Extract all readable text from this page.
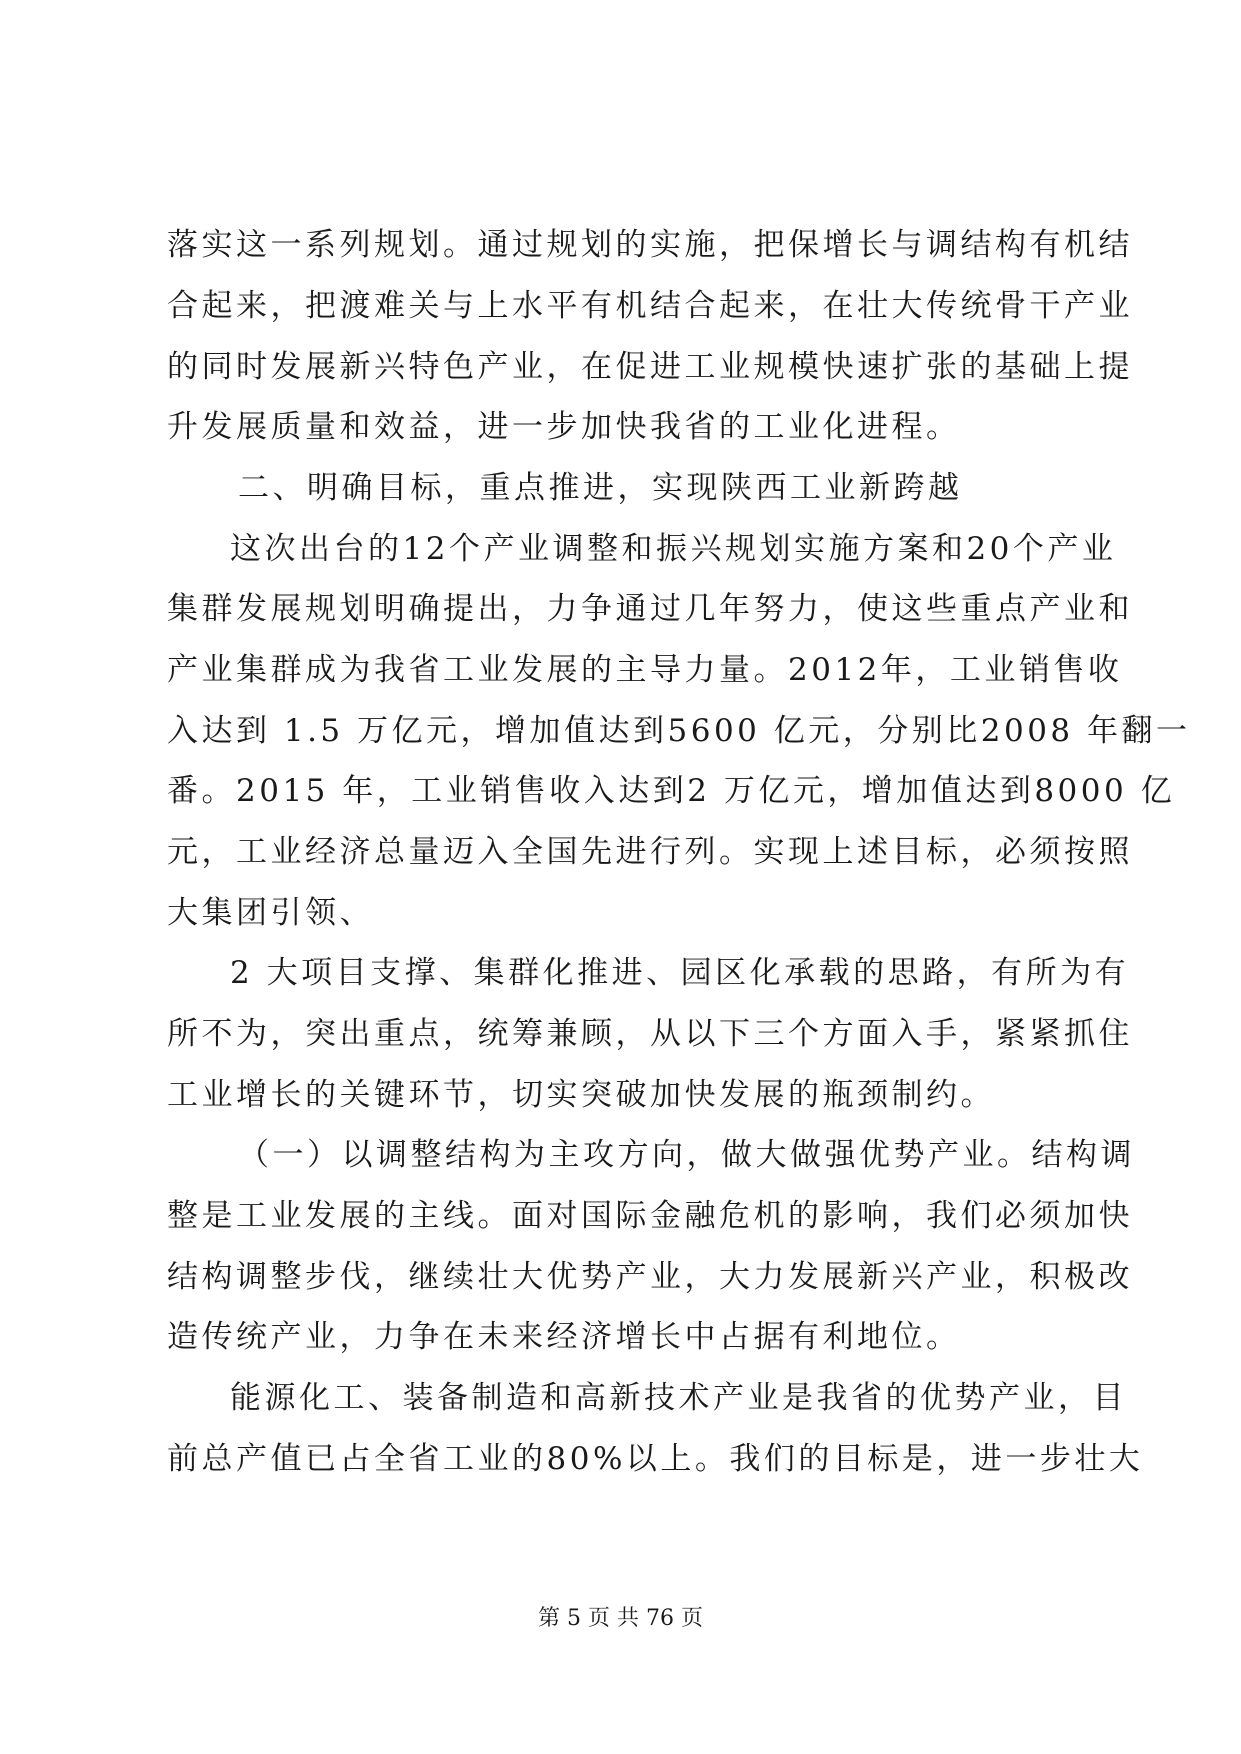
落实这一系列规划。通过规划的实施，把保增长与调结构有机结
合起来，把渡难关与上水平有机结合起来，在壮大传统骨干产业
的同时发展新兴特色产业，在促进工业规模快速扩张的基础上提
升发展质量和效益，进一步加快我省的工业化进程。
二、明确目标，重点推进，实现陕西工业新跨越
这次出台的12个产业调整和振兴规划实施方案和20个产业
集群发展规划明确提出，力争通过几年努力，使这些重点产业和
产业集群成为我省工业发展的主导力量。2012年，工业销售收
入达到 1.5 万亿元，增加值达到5600 亿元，分别比2008 年翻一
番。2015 年，工业销售收入达到2 万亿元，增加值达到8000 亿
元，工业经济总量迈入全国先进行列。实现上述目标，必须按照
大集团引领、
2 大项目支撑、集群化推进、园区化承载的思路，有所为有
所不为，突出重点，统筹兼顾，从以下三个方面入手，紧紧抓住
工业增长的关键环节，切实突破加快发展的瓶颈制约。
（一）以调整结构为主攻方向，做大做强优势产业。结构调
整是工业发展的主线。面对国际金融危机的影响，我们必须加快
结构调整步伐，继续壮大优势产业，大力发展新兴产业，积极改
造传统产业，力争在未来经济增长中占据有利地位。
能源化工、装备制造和高新技术产业是我省的优势产业，目
前总产值已占全省工业的80%以上。我们的目标是，进一步壮大
第 5 页 共 76 页
